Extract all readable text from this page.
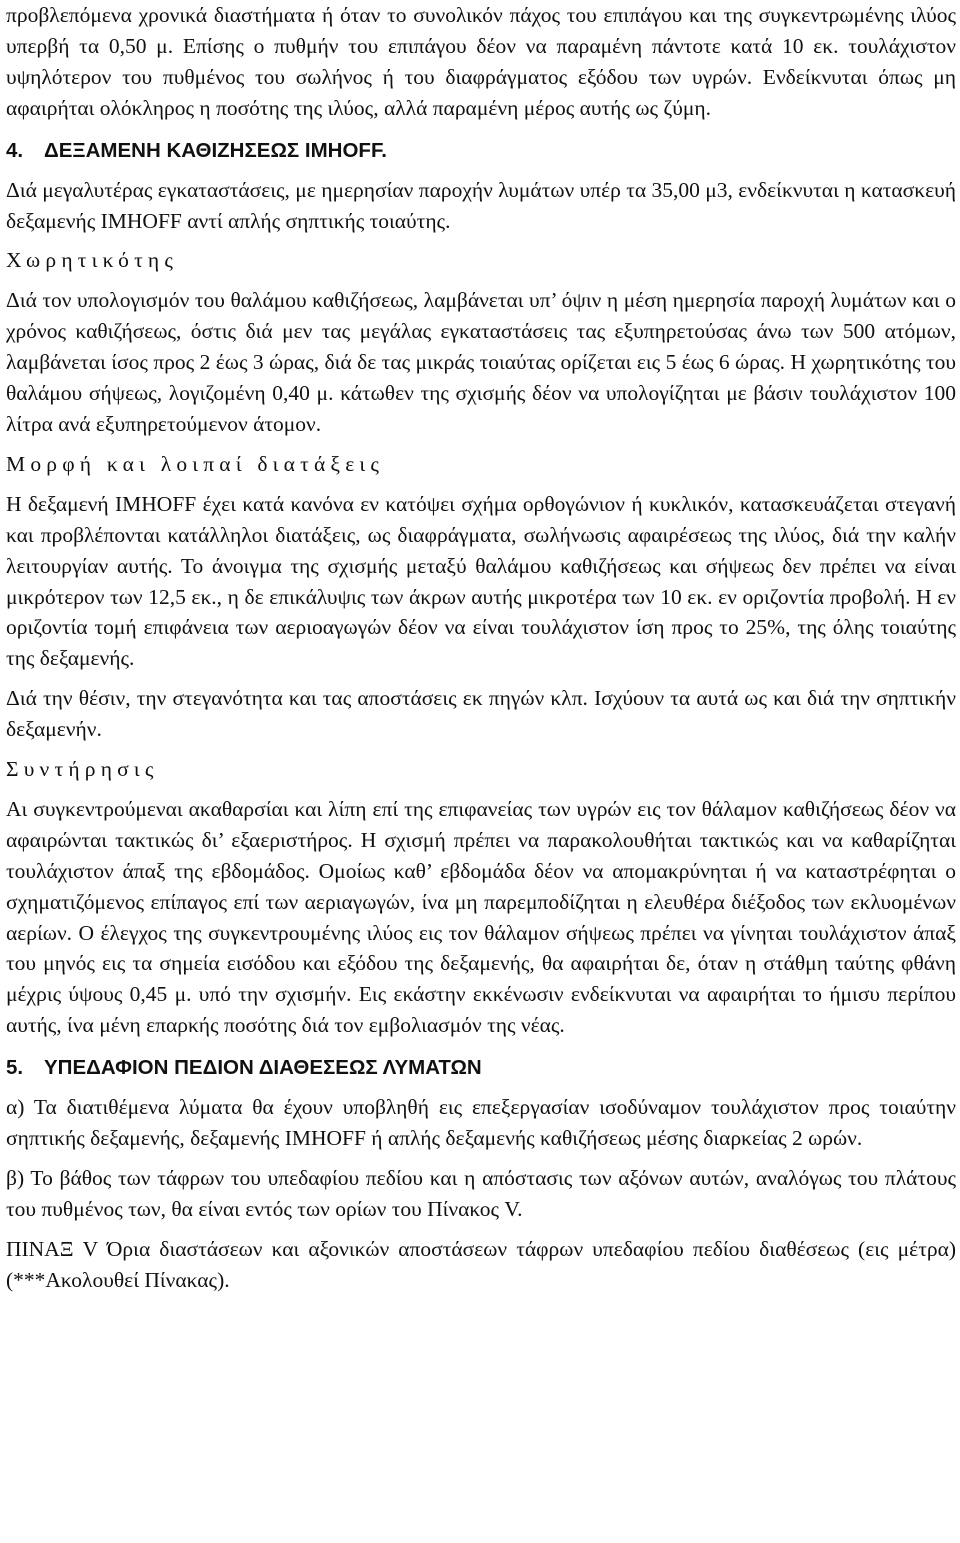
προβλεπόμενα χρονικά διαστήματα ή όταν το συνολικόν πάχος του επιπάγου και της συγκεντρωμένης ιλύος υπερβή τα 0,50 μ. Επίσης ο πυθμήν του επιπάγου δέον να παραμένη πάντοτε κατά 10 εκ. τουλάχιστον υψηλότερον του πυθμένος του σωλήνος ή του διαφράγματος εξόδου των υγρών. Ενδείκνυται όπως μη αφαιρήται ολόκληρος η ποσότης της ιλύος, αλλά παραμένη μέρος αυτής ως ζύμη.

4. ΔΕΞΑΜΕΝΗ ΚΑΘΙΖΗΣΕΩΣ IMHOFF.

Διά μεγαλυτέρας εγκαταστάσεις, με ημερησίαν παροχήν λυμάτων υπέρ τα 35,00 μ3, ενδείκνυται η κατασκευή δεξαμενής IMHOFF αντί απλής σηπτικής τοιαύτης.

Χωρητικότης

Διά τον υπολογισμόν του θαλάμου καθιζήσεως, λαμβάνεται υπ’ όψιν η μέση ημερησία παροχή λυμάτων και ο χρόνος καθιζήσεως, όστις διά μεν τας μεγάλας εγκαταστάσεις τας εξυπηρετούσας άνω των 500 ατόμων, λαμβάνεται ίσος προς 2 έως 3 ώρας, διά δε τας μικράς τοιαύτας ορίζεται εις 5 έως 6 ώρας. Η χωρητικότης του θαλάμου σήψεως, λογιζομένη 0,40 μ. κάτωθεν της σχισμής δέον να υπολογίζηται με βάσιν τουλάχιστον 100 λίτρα ανά εξυπηρετούμενον άτομον.

Μορφή και λοιπαί διατάξεις

Η δεξαμενή IMHOFF έχει κατά κανόνα εν κατόψει σχήμα ορθογώνιον ή κυκλικόν, κατασκευάζεται στεγανή και προβλέπονται κατάλληλοι διατάξεις, ως διαφράγματα, σωλήνωσις αφαιρέσεως της ιλύος, διά την καλήν λειτουργίαν αυτής. Το άνοιγμα της σχισμής μεταξύ θαλάμου καθιζήσεως και σήψεως δεν πρέπει να είναι μικρότερον των 12,5 εκ., η δε επικάλυψις των άκρων αυτής μικροτέρα των 10 εκ. εν οριζοντία προβολή. Η εν οριζοντία τομή επιφάνεια των αεριοαγωγών δέον να είναι τουλάχιστον ίση προς το 25%, της όλης τοιαύτης της δεξαμενής.

Διά την θέσιν, την στεγανότητα και τας αποστάσεις εκ πηγών κλπ. Ισχύουν τα αυτά ως και διά την σηπτικήν δεξαμενήν.

Συντήρησις

Αι συγκεντρούμεναι ακαθαρσίαι και λίπη επί της επιφανείας των υγρών εις τον θάλαμον καθιζήσεως δέον να αφαιρώνται τακτικώς δι’ εξαεριστήρος. Η σχισμή πρέπει να παρακολουθήται τακτικώς και να καθαρίζηται τουλάχιστον άπαξ της εβδομάδος. Ομοίως καθ’ εβδομάδα δέον να απομακρύνηται ή να καταστρέφηται ο σχηματιζόμενος επίπαγος επί των αεριαγωγών, ίνα μη παρεμποδίζηται η ελευθέρα διέξοδος των εκλυομένων αερίων. Ο έλεγχος της συγκεντρουμένης ιλύος εις τον θάλαμον σήψεως πρέπει να γίνηται τουλάχιστον άπαξ του μηνός εις τα σημεία εισόδου και εξόδου της δεξαμενής, θα αφαιρήται δε, όταν η στάθμη ταύτης φθάνη μέχρις ύψους 0,45 μ. υπό την σχισμήν. Εις εκάστην εκκένωσιν ενδείκνυται να αφαιρήται το ήμισυ περίπου αυτής, ίνα μένη επαρκής ποσότης διά τον εμβολιασμόν της νέας.

5. ΥΠΕΔΑΦΙΟΝ ΠΕΔΙΟΝ ΔΙΑΘΕΣΕΩΣ ΛΥΜΑΤΩΝ

α) Τα διατιθέμενα λύματα θα έχουν υποβληθή εις επεξεργασίαν ισοδύναμον τουλάχιστον προς τοιαύτην σηπτικής δεξαμενής, δεξαμενής IMHOFF ή απλής δεξαμενής καθιζήσεως μέσης διαρκείας 2 ωρών.

β) Το βάθος των τάφρων του υπεδαφίου πεδίου και η απόστασις των αξόνων αυτών, αναλόγως του πλάτους του πυθμένος των, θα είναι εντός των ορίων του Πίνακος V.

ΠΙΝΑΞ V Όρια διαστάσεων και αξονικών αποστάσεων τάφρων υπεδαφίου πεδίου διαθέσεως (εις μέτρα) (***Ακολουθεί Πίνακας).
